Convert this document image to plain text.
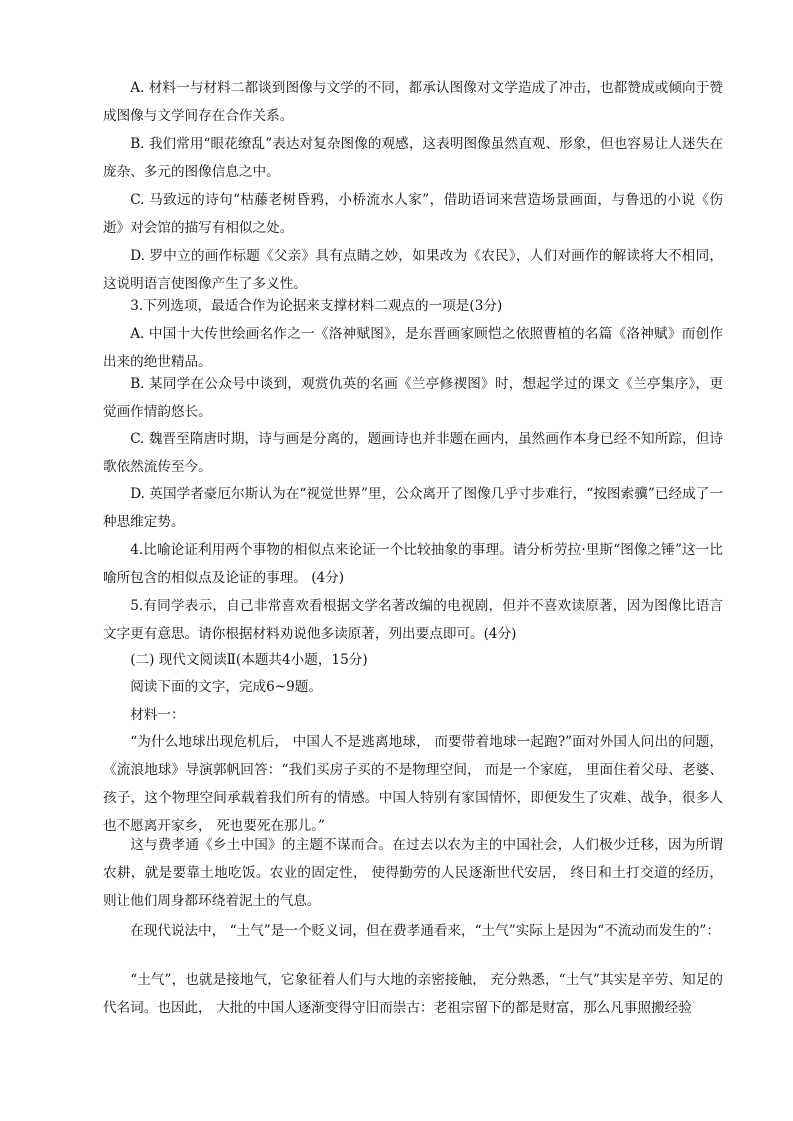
A. 材料一与材料二都谈到图像与文学的不同，都承认图像对文学造成了冲击，也都赞成或倾向于赞成图像与文学间存在合作关系。

B. 我们常用“眼花缭乱”表达对复杂图像的观感，这表明图像虽然直观、形象，但也容易让人迷失在庞杂、多元的图像信息之中。

C. 马致远的诗句“枯藤老树昏鸦，小桥流水人家”，借助语词来营造场景画面，与鲁迅的小说《伤逝》对会馆的描写有相似之处。

D. 罗中立的画作标题《父亲》具有点睛之妙，如果改为《农民》，人们对画作的解读将大不相同，这说明语言使图像产生了多义性。

3.下列选项，最适合作为论据来支撑材料二观点的一项是(3分)

A. 中国十大传世绘画名作之一《洛神赋图》，是东晋画家顾恺之依照曹植的名篇《洛神赋》而创作出来的绝世精品。

B. 某同学在公众号中谈到，观赏仇英的名画《兰亭修禊图》时，想起学过的课文《兰亭集序》，更觉画作情韵悠长。

C. 魏晋至隋唐时期，诗与画是分离的，题画诗也并非题在画内，虽然画作本身已经不知所踪，但诗歌依然流传至今。

D. 英国学者豪厄尔斯认为在“视觉世界”里，公众离开了图像几乎寸步难行，“按图索骥”已经成了一种思维定势。

4.比喻论证利用两个事物的相似点来论证一个比较抽象的事理。请分析劳拉·里斯“图像之锤”这一比喻所包含的相似点及论证的事理。 (4分)

5.有同学表示，自己非常喜欢看根据文学名著改编的电视剧，但并不喜欢读原著，因为图像比语言文字更有意思。请你根据材料劝说他多读原著，列出要点即可。(4分)

(二) 现代文阅读Ⅱ(本题共4小题，15分)

阅读下面的文字，完成6~9题。

材料一：

“为什么地球出现危机后， 中国人不是逃离地球， 而要带着地球一起跑?”面对外国人问出的问题，《流浪地球》导演郭帆回答：“我们买房子买的不是物理空间， 而是一个家庭， 里面住着父母、老婆、孩子，这个物理空间承载着我们所有的情感。中国人特别有家国情怀，即便发生了灾难、战争，很多人也不愿离开家乡， 死也要死在那儿。”

这与费孝通《乡土中国》的主题不谋而合。在过去以农为主的中国社会，人们极少迁移，因为所谓农耕，就是要靠土地吃饭。农业的固定性， 使得勤劳的人民逐渐世代安居， 终日和土打交道的经历，则让他们周身都环绕着泥土的气息。

在现代说法中， “土气”是一个贬义词，但在费孝通看来，“土气”实际上是因为“不流动而发生的”：

“土气”，也就是接地气，它象征着人们与大地的亲密接触， 充分熟悉，“土气”其实是辛劳、知足的代名词。也因此， 大批的中国人逐渐变得守旧而崇古：老祖宗留下的都是财富，那么凡事照搬经验
